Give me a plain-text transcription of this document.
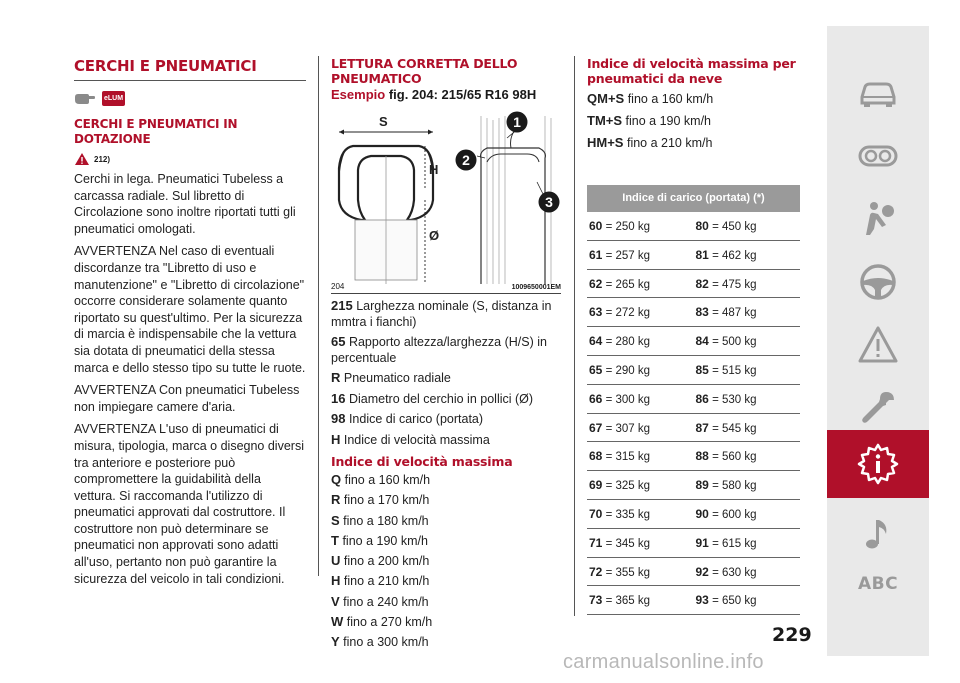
CERCHI E PNEUMATICI
eLUM
CERCHI E PNEUMATICI IN DOTAZIONE
212)

Cerchi in lega. Pneumatici Tubeless a carcassa radiale. Sul libretto di Circolazione sono inoltre riportati tutti gli pneumatici omologati.

AVVERTENZA Nel caso di eventuali discordanze tra "Libretto di uso e manutenzione" e "Libretto di circolazione" occorre considerare solamente quanto riportato su quest'ultimo. Per la sicurezza di marcia è indispensabile che la vettura sia dotata di pneumatici della stessa marca e dello stesso tipo su tutte le ruote.

AVVERTENZA Con pneumatici Tubeless non impiegare camere d'aria.

AVVERTENZA L'uso di pneumatici di misura, tipologia, marca o disegno diversi tra anteriore e posteriore può compromettere la guidabilità della vettura. Si raccomanda l'utilizzo di pneumatici approvati dal costruttore. Il costruttore non può determinare se pneumatici non approvati sono adatti all'uso, pertanto non può garantire la sicurezza del veicolo in tali condizioni.

LETTURA CORRETTA DELLO PNEUMATICO
Esempio fig. 204: 215/65 R16 98H
S
H
Ø
1
2
3
204	1009650001EM
215 Larghezza nominale (S, distanza in mmtra i fianchi)
65 Rapporto altezza/larghezza (H/S) in percentuale
R Pneumatico radiale
16 Diametro del cerchio in pollici (Ø)
98 Indice di carico (portata)
H Indice di velocità massima
Indice di velocità massima
Q fino a 160 km/h
R fino a 170 km/h
S fino a 180 km/h
T fino a 190 km/h
U fino a 200 km/h
H fino a 210 km/h
V fino a 240 km/h
W fino a 270 km/h
Y fino a 300 km/h
Indice di velocità massima per pneumatici da neve
QM+S fino a 160 km/h
TM+S fino a 190 km/h
HM+S fino a 210 km/h
Indice di carico (portata) (*)
60 = 250 kg	80 = 450 kg
61 = 257 kg	81 = 462 kg
62 = 265 kg	82 = 475 kg
63 = 272 kg	83 = 487 kg
64 = 280 kg	84 = 500 kg
65 = 290 kg	85 = 515 kg
66 = 300 kg	86 = 530 kg
67 = 307 kg	87 = 545 kg
68 = 315 kg	88 = 560 kg
69 = 325 kg	89 = 580 kg
70 = 335 kg	90 = 600 kg
71 = 345 kg	91 = 615 kg
72 = 355 kg	92 = 630 kg
73 = 365 kg	93 = 650 kg
229
ABC
carmanualsonline.info
